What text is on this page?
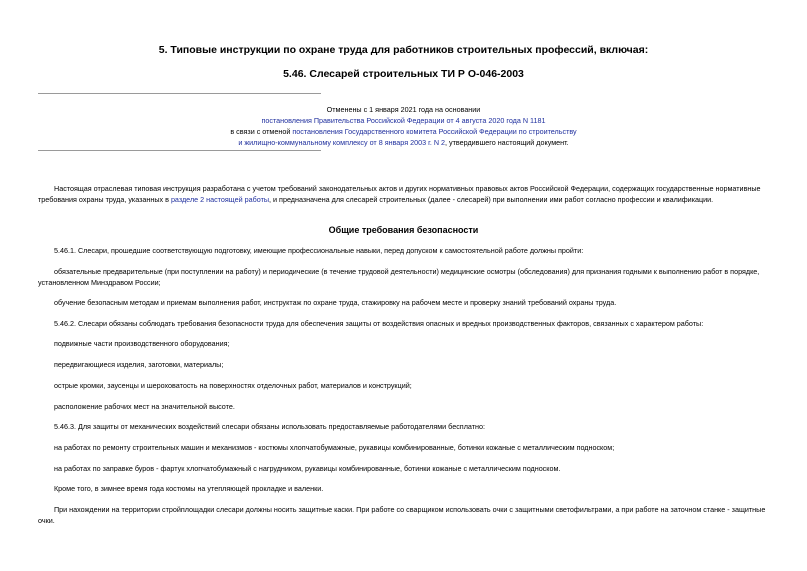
5. Типовые инструкции по охране труда для работников строительных профессий, включая:
5.46. Слесарей строительных ТИ Р О-046-2003
Отменены с 1 января 2021 года на основании
постановления Правительства Российской Федерации от 4 августа 2020 года N 1181
в связи с отменой постановления Государственного комитета Российской Федерации по строительству
и жилищно-коммунальному комплексу от 8 января 2003 г. N 2, утвердившего настоящий документ.

Настоящая отраслевая типовая инструкция разработана с учетом требований законодательных актов и других нормативных правовых актов Российской Федерации, содержащих государственные нормативные требования охраны труда, указанных в разделе 2 настоящей работы, и предназначена для слесарей строительных (далее - слесарей) при выполнении ими работ согласно профессии и квалификации.

Общие требования безопасности

5.46.1. Слесари, прошедшие соответствующую подготовку, имеющие профессиональные навыки, перед допуском к самостоятельной работе должны пройти:

обязательные предварительные (при поступлении на работу) и периодические (в течение трудовой деятельности) медицинские осмотры (обследования) для признания годными к выполнению работ в порядке, установленном Минздравом России;

обучение безопасным методам и приемам выполнения работ, инструктаж по охране труда, стажировку на рабочем месте и проверку знаний требований охраны труда.

5.46.2. Слесари обязаны соблюдать требования безопасности труда для обеспечения защиты от воздействия опасных и вредных производственных факторов, связанных с характером работы:

подвижные части производственного оборудования;

передвигающиеся изделия, заготовки, материалы;

острые кромки, заусенцы и шероховатость на поверхностях отделочных работ, материалов и конструкций;

расположение рабочих мест на значительной высоте.

5.46.3. Для защиты от механических воздействий слесари обязаны использовать предоставляемые работодателями бесплатно:

на работах по ремонту строительных машин и механизмов - костюмы хлопчатобумажные, рукавицы комбинированные, ботинки кожаные с металлическим подноском;

на работах по заправке буров - фартук хлопчатобумажный с нагрудником, рукавицы комбинированные, ботинки кожаные с металлическим подноском.

Кроме того, в зимнее время года костюмы на утепляющей прокладке и валенки.

При нахождении на территории стройплощадки слесари должны носить защитные каски. При работе со сварщиком использовать очки с защитными светофильтрами, а при работе на заточном станке - защитные очки.
